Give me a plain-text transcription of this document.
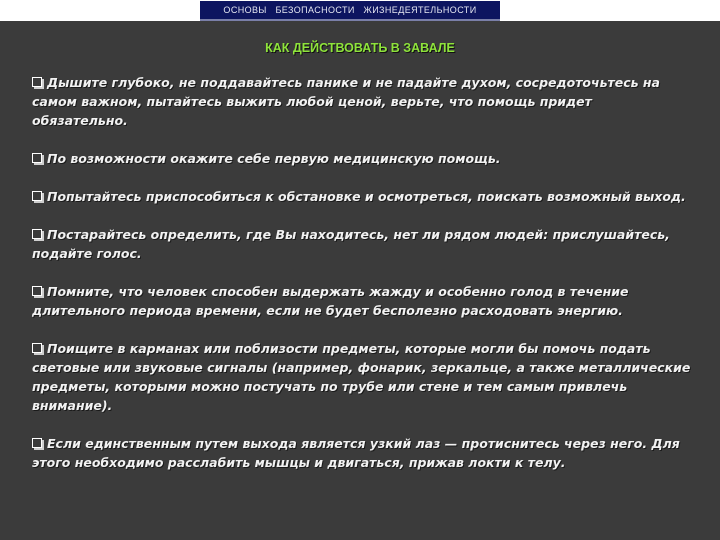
ОСНОВЫ   БЕЗОПАСНОСТИ   ЖИЗНЕДЕЯТЕЛЬНОСТИ
КАК ДЕЙСТВОВАТЬ В ЗАВАЛЕ
Дышите глубоко, не поддавайтесь панике и не падайте духом, сосредоточьтесь на самом важном, пытайтесь выжить любой ценой, верьте, что помощь придет обязательно.
По возможности окажите себе первую медицинскую помощь.
Попытайтесь приспособиться к обстановке и осмотреться, поискать возможный выход.
Постарайтесь определить, где Вы находитесь, нет ли рядом людей: прислушайтесь, подайте голос.
Помните, что человек способен выдержать жажду и особенно голод в течение длительного периода времени, если не будет бесполезно расходовать энергию.
Поищите в карманах или поблизости предметы, которые могли бы помочь подать световые или звуковые сигналы (например, фонарик, зеркальце, а также металлические предметы, которыми можно постучать по трубе или стене и тем самым привлечь внимание).
Если единственным путем выхода является узкий лаз — протиснитесь через него. Для этого необходимо расслабить мышцы и двигаться, прижав локти к телу.
